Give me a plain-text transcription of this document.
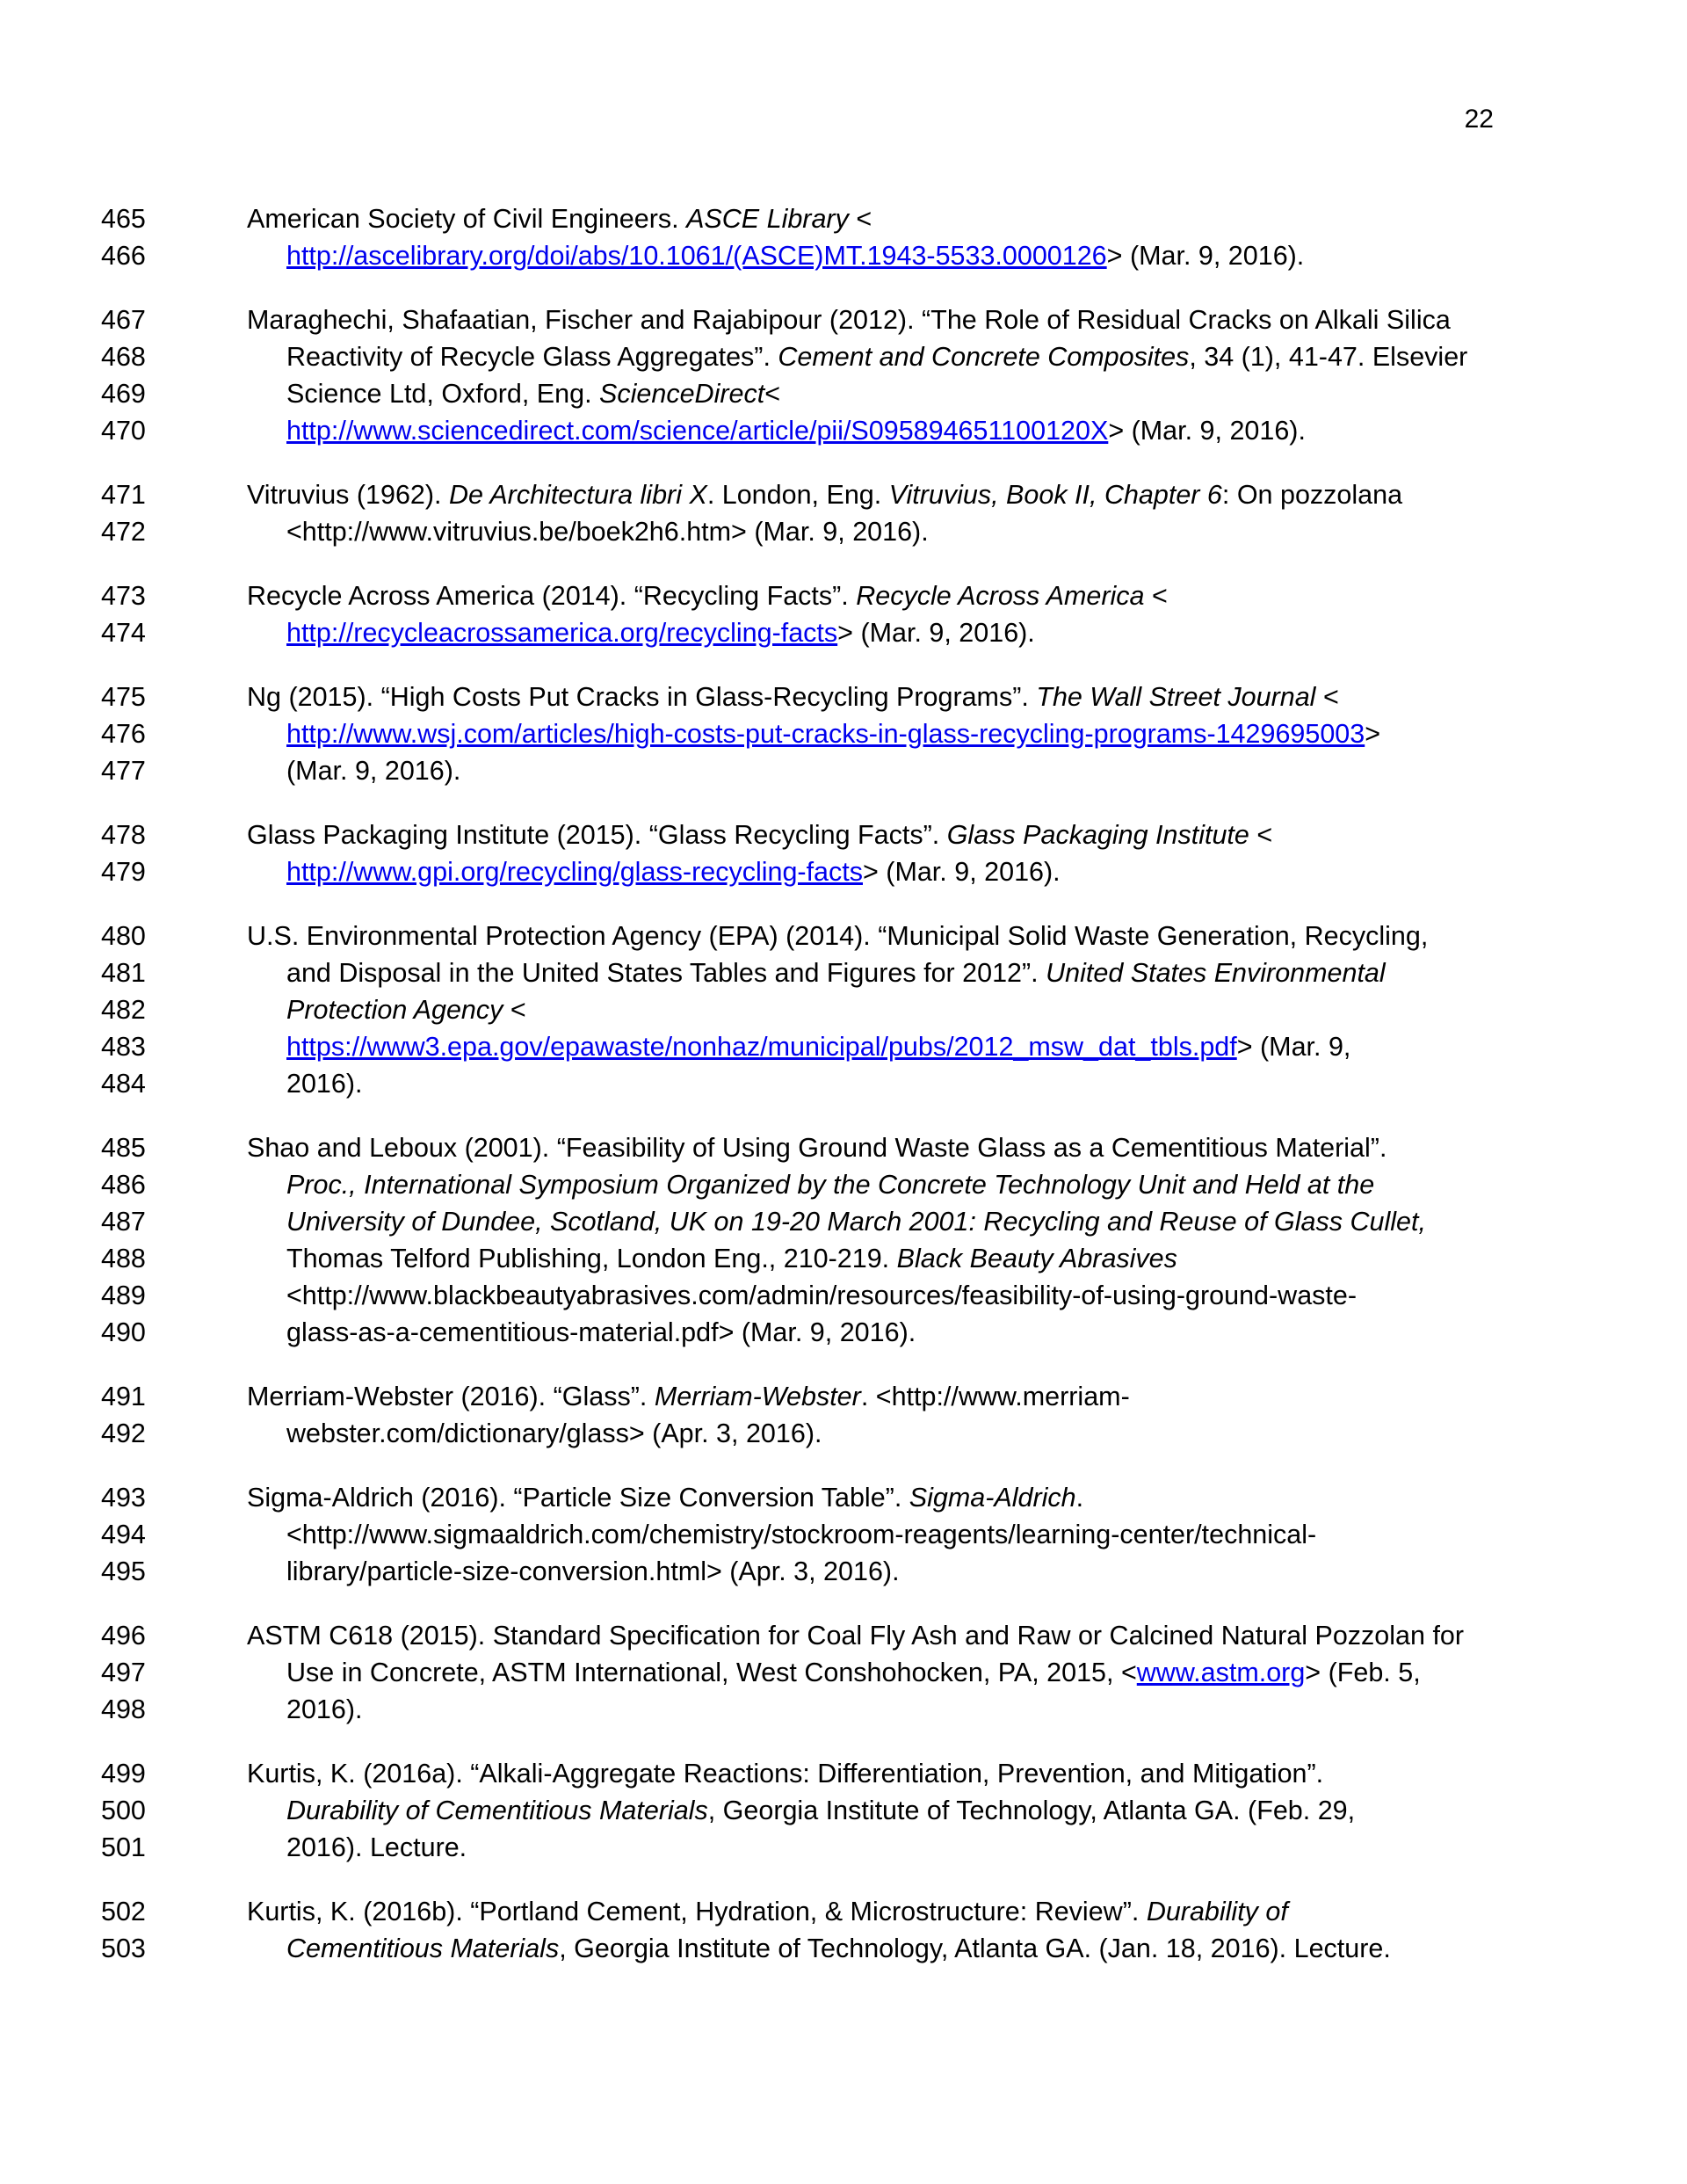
22
465	American Society of Civil Engineers. ASCE Library <
466	http://ascelibrary.org/doi/abs/10.1061/(ASCE)MT.1943-5533.0000126> (Mar. 9, 2016).
467	Maraghechi, Shafaatian, Fischer and Rajabipour (2012). “The Role of Residual Cracks on Alkali Silica
468	Reactivity of Recycle Glass Aggregates”. Cement and Concrete Composites, 34 (1), 41-47. Elsevier
469	Science Ltd, Oxford, Eng. ScienceDirect<
470	http://www.sciencedirect.com/science/article/pii/S095894651100120X> (Mar. 9, 2016).
471	Vitruvius (1962). De Architectura libri X. London, Eng. Vitruvius, Book II, Chapter 6: On pozzolana
472	<http://www.vitruvius.be/boek2h6.htm> (Mar. 9, 2016).
473	Recycle Across America (2014). “Recycling Facts”. Recycle Across America <
474	http://recycleacrossamerica.org/recycling-facts> (Mar. 9, 2016).
475	Ng (2015). “High Costs Put Cracks in Glass-Recycling Programs”. The Wall Street Journal <
476	http://www.wsj.com/articles/high-costs-put-cracks-in-glass-recycling-programs-1429695003>
477	(Mar. 9, 2016).
478	Glass Packaging Institute (2015). “Glass Recycling Facts”. Glass Packaging Institute <
479	http://www.gpi.org/recycling/glass-recycling-facts> (Mar. 9, 2016).
480	U.S. Environmental Protection Agency (EPA) (2014). “Municipal Solid Waste Generation, Recycling,
481	and Disposal in the United States Tables and Figures for 2012”. United States Environmental
482	Protection Agency <
483	https://www3.epa.gov/epawaste/nonhaz/municipal/pubs/2012_msw_dat_tbls.pdf> (Mar. 9,
484	2016).
485	Shao and Leboux (2001). “Feasibility of Using Ground Waste Glass as a Cementitious Material”.
486	Proc., International Symposium Organized by the Concrete Technology Unit and Held at the
487	University of Dundee, Scotland, UK on 19-20 March 2001: Recycling and Reuse of Glass Cullet,
488	Thomas Telford Publishing, London Eng., 210-219. Black Beauty Abrasives
489	<http://www.blackbeautyabrasives.com/admin/resources/feasibility-of-using-ground-waste-
490	glass-as-a-cementitious-material.pdf> (Mar. 9, 2016).
491	Merriam-Webster (2016). “Glass”. Merriam-Webster. <http://www.merriam-
492	webster.com/dictionary/glass> (Apr. 3, 2016).
493	Sigma-Aldrich (2016). “Particle Size Conversion Table”. Sigma-Aldrich.
494	<http://www.sigmaaldrich.com/chemistry/stockroom-reagents/learning-center/technical-
495	library/particle-size-conversion.html> (Apr. 3, 2016).
496	ASTM C618 (2015). Standard Specification for Coal Fly Ash and Raw or Calcined Natural Pozzolan for
497	Use in Concrete, ASTM International, West Conshohocken, PA, 2015, <www.astm.org> (Feb. 5,
498	2016).
499	Kurtis, K. (2016a). “Alkali-Aggregate Reactions: Differentiation, Prevention, and Mitigation”.
500	Durability of Cementitious Materials, Georgia Institute of Technology, Atlanta GA. (Feb. 29,
501	2016). Lecture.
502	Kurtis, K. (2016b). “Portland Cement, Hydration, & Microstructure: Review”. Durability of
503	Cementitious Materials, Georgia Institute of Technology, Atlanta GA. (Jan. 18, 2016). Lecture.
